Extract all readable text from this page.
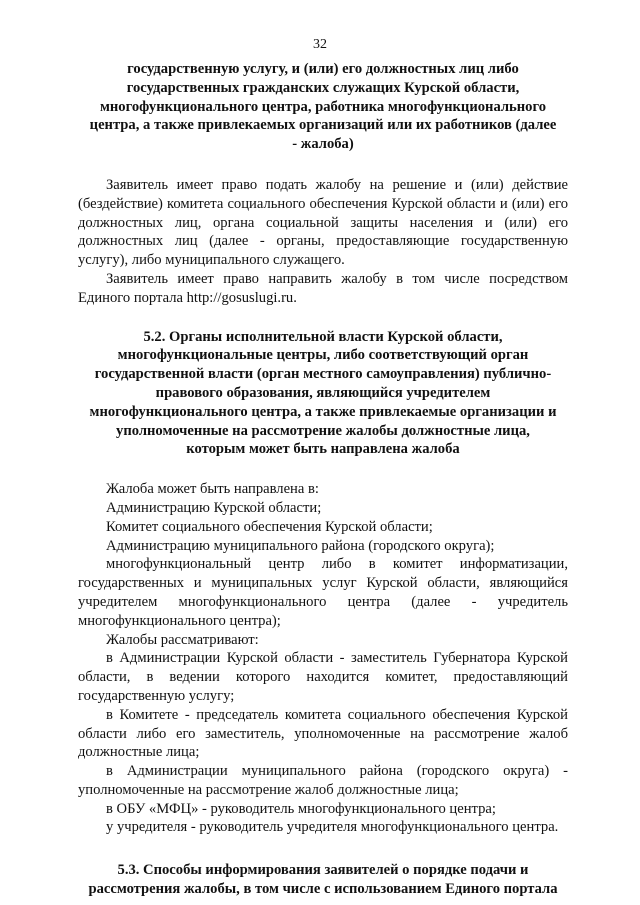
32

государственную услугу, и (или) его должностных лиц либо

государственных гражданских служащих Курской области,

многофункционального центра, работника многофункционального

центра, а также привлекаемых организаций или их работников (далее

- жалоба)

Заявитель имеет право подать жалобу на решение и (или) действие (бездействие) комитета социального обеспечения Курской области и (или) его должностных лиц, органа социальной защиты населения и (или) его должностных лиц (далее - органы, предоставляющие государственную услугу), либо муниципального служащего.

Заявитель имеет право направить жалобу в том числе посредством Единого портала http://gosuslugi.ru.

5.2. Органы исполнительной власти Курской области,

многофункциональные центры, либо соответствующий орган

государственной власти (орган местного самоуправления) публично-

правового образования, являющийся учредителем

многофункционального центра, а также привлекаемые организации и

уполномоченные на рассмотрение жалобы должностные лица,

которым может быть направлена жалоба

Жалоба может быть направлена в:

Администрацию Курской области;

Комитет социального обеспечения Курской области;

Администрацию муниципального района (городского округа);

многофункциональный центр либо в комитет информатизации, государственных и муниципальных услуг Курской области, являющийся учредителем многофункционального центра (далее - учредитель многофункционального центра);

Жалобы рассматривают:

в Администрации Курской области - заместитель Губернатора Курской области, в ведении которого находится комитет, предоставляющий государственную услугу;

в Комитете - председатель комитета социального обеспечения Курской области либо его заместитель, уполномоченные на рассмотрение жалоб должностные лица;

в Администрации муниципального района (городского округа) - уполномоченные на рассмотрение жалоб должностные лица;

в ОБУ «МФЦ» - руководитель многофункционального центра;

у учредителя - руководитель учредителя многофункционального центра.

5.3. Способы информирования заявителей о порядке подачи и

рассмотрения жалобы, в том числе с использованием Единого портала
